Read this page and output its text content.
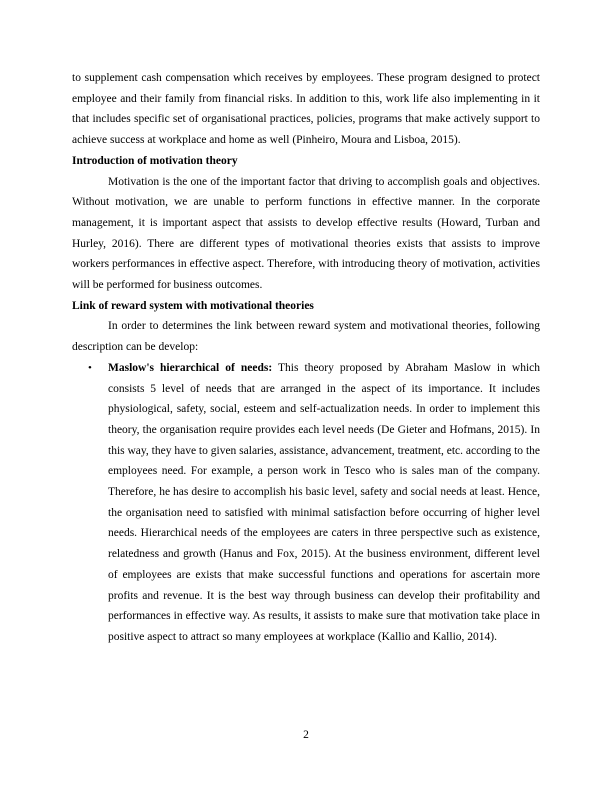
to supplement cash compensation which receives by employees. These program designed to protect employee and their family from financial risks. In addition to this, work life also implementing in it that includes specific set of organisational practices, policies, programs that make actively support to achieve success at workplace and home as well (Pinheiro, Moura and Lisboa, 2015).

Introduction of motivation theory

Motivation is the one of the important factor that driving to accomplish goals and objectives. Without motivation, we are unable to perform functions in effective manner. In the corporate management, it is important aspect that assists to develop effective results (Howard, Turban and Hurley, 2016). There are different types of motivational theories exists that assists to improve workers performances in effective aspect. Therefore, with introducing theory of motivation, activities will be performed for business outcomes.

Link of reward system with motivational theories

In order to determines the link between reward system and motivational theories, following description can be develop:

• Maslow's hierarchical of needs: This theory proposed by Abraham Maslow in which consists 5 level of needs that are arranged in the aspect of its importance. It includes physiological, safety, social, esteem and self-actualization needs. In order to implement this theory, the organisation require provides each level needs (De Gieter and Hofmans, 2015). In this way, they have to given salaries, assistance, advancement, treatment, etc. according to the employees need. For example, a person work in Tesco who is sales man of the company. Therefore, he has desire to accomplish his basic level, safety and social needs at least. Hence, the organisation need to satisfied with minimal satisfaction before occurring of higher level needs. Hierarchical needs of the employees are caters in three perspective such as existence, relatedness and growth (Hanus and Fox, 2015). At the business environment, different level of employees are exists that make successful functions and operations for ascertain more profits and revenue. It is the best way through business can develop their profitability and performances in effective way. As results, it assists to make sure that motivation take place in positive aspect to attract so many employees at workplace (Kallio and Kallio, 2014).
2
